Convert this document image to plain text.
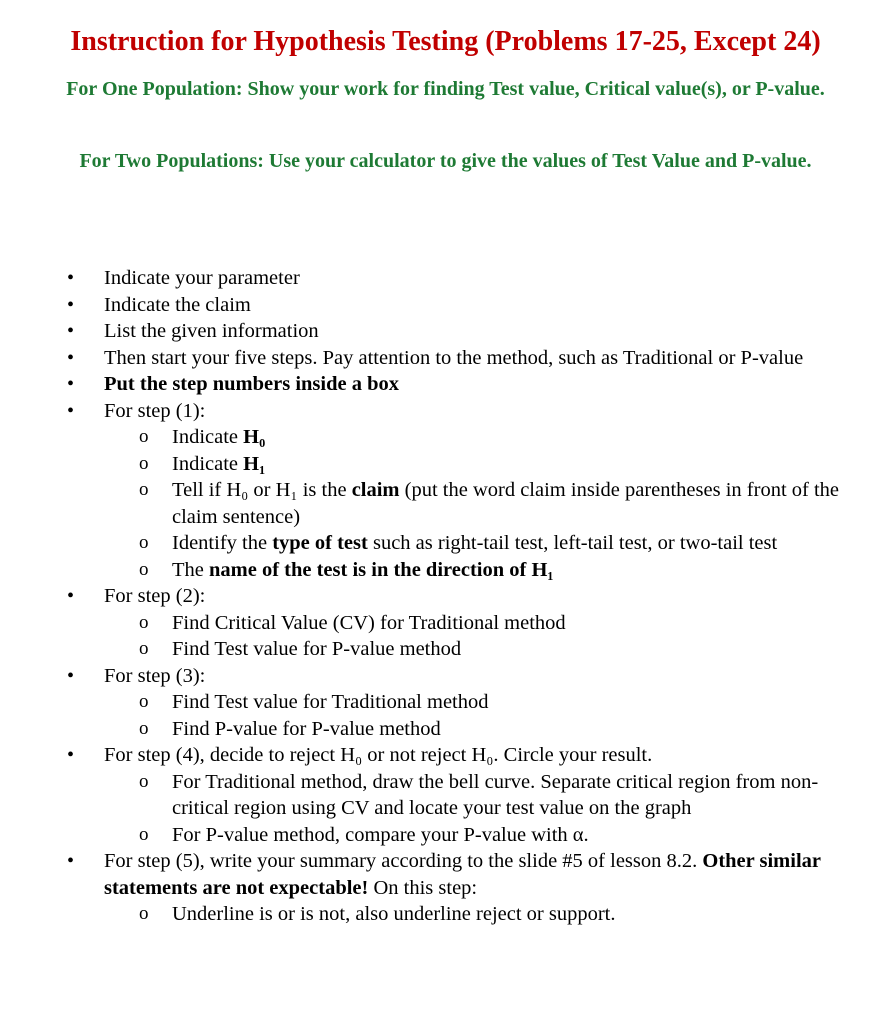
Instruction for Hypothesis Testing (Problems 17-25, Except 24)
For One Population: Show your work for finding Test value, Critical value(s), or P-value.
For Two Populations: Use your calculator to give the values of Test Value and P-value.
• Indicate your parameter
• Indicate the claim
• List the given information
• Then start your five steps. Pay attention to the method, such as Traditional or P-value
• Put the step numbers inside a box
• For step (1):
o Indicate H₀
o Indicate H₁
o Tell if H₀ or H₁ is the claim (put the word claim inside parentheses in front of the claim sentence)
o Identify the type of test such as right-tail test, left-tail test, or two-tail test
o The name of the test is in the direction of H₁
• For step (2):
o Find Critical Value (CV) for Traditional method
o Find Test value for P-value method
• For step (3):
o Find Test value for Traditional method
o Find P-value for P-value method
• For step (4), decide to reject H₀ or not reject H₀. Circle your result.
o For Traditional method, draw the bell curve. Separate critical region from non-critical region using CV and locate your test value on the graph
o For P-value method, compare your P-value with α.
• For step (5), write your summary according to the slide #5 of lesson 8.2. Other similar statements are not expectable! On this step:
o Underline is or is not, also underline reject or support.
